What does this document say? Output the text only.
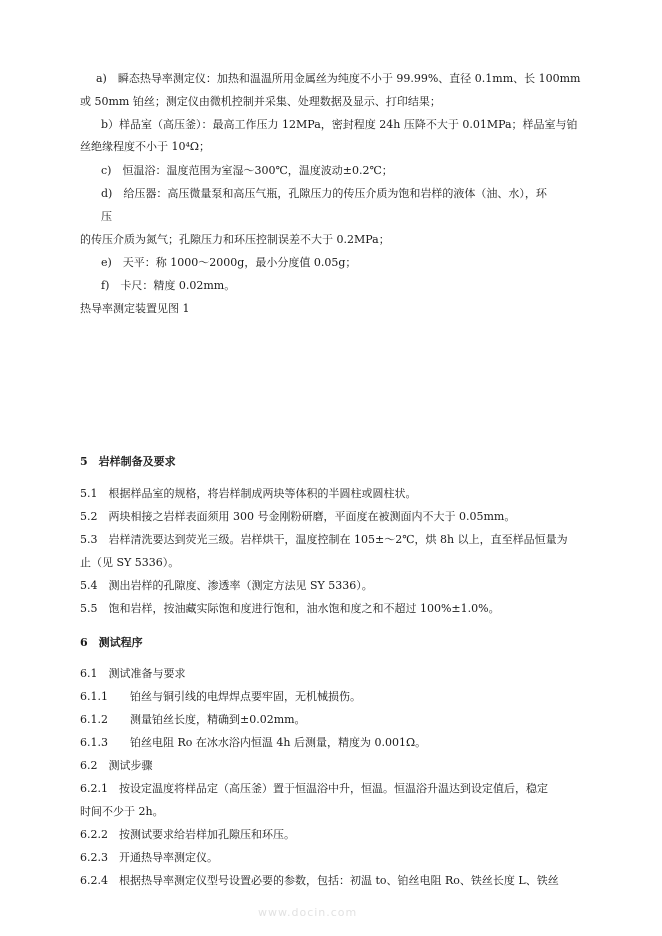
a)　瞬态热导率测定仪：加热和温温所用金属丝为纯度不小于 99.99%、直径 0.1mm、长 100mm
或 50mm 铂丝；测定仪由微机控制并采集、处理数据及显示、打印结果；
b）样品室（高压釜）：最高工作压力 12MPa，密封程度 24h 压降不大于 0.01MPa；样品室与铂
丝绝缘程度不小于 10⁴Ω；
c)　恒温浴：温度范围为室湿～300℃，温度波动±0.2℃；
d)　给压器：高压微量泵和高压气瓶，孔隙压力的传压介质为饱和岩样的液体（油、水），环
压
的传压介质为氮气；孔隙压力和环压控制误差不大于 0.2MPa；
e)　天平：称 1000～2000g，最小分度值 0.05g；
f)　卡尺：精度 0.02mm。
热导率测定装置见图 1
5　岩样制备及要求
5.1　根据样品室的规格，将岩样制成两块等体积的半圆柱或圆柱状。
5.2　两块相接之岩样表面须用 300 号金刚粉研磨，平面度在被测面内不大于 0.05mm。
5.3　岩样清洗要达到荧光三级。岩样烘干，温度控制在 105±～2℃，烘 8h 以上，直至样品恒量为
止（见 SY 5336）。
5.4　测出岩样的孔隙度、渗透率（测定方法见 SY 5336）。
5.5　饱和岩样，按油藏实际饱和度进行饱和，油水饱和度之和不超过 100%±1.0%。
6　测试程序
6.1　测试准备与要求
6.1.1　　铂丝与铜引线的电焊焊点要牢固，无机械损伤。
6.1.2　　测量铂丝长度，精确到±0.02mm。
6.1.3　　铂丝电阻 Ro 在冰水浴内恒温 4h 后测量，精度为 0.001Ω。
6.2　测试步骤
6.2.1　按设定温度将样品定（高压釜）置于恒温浴中升，恒温。恒温浴升温达到设定值后，稳定
时间不少于 2h。
6.2.2　按测试要求给岩样加孔隙压和环压。
6.2.3　开通热导率测定仪。
6.2.4　根据热导率测定仪型号设置必要的参数，包括：初温 to、铂丝电阻 Ro、铁丝长度 L、铁丝
www.docin.com
